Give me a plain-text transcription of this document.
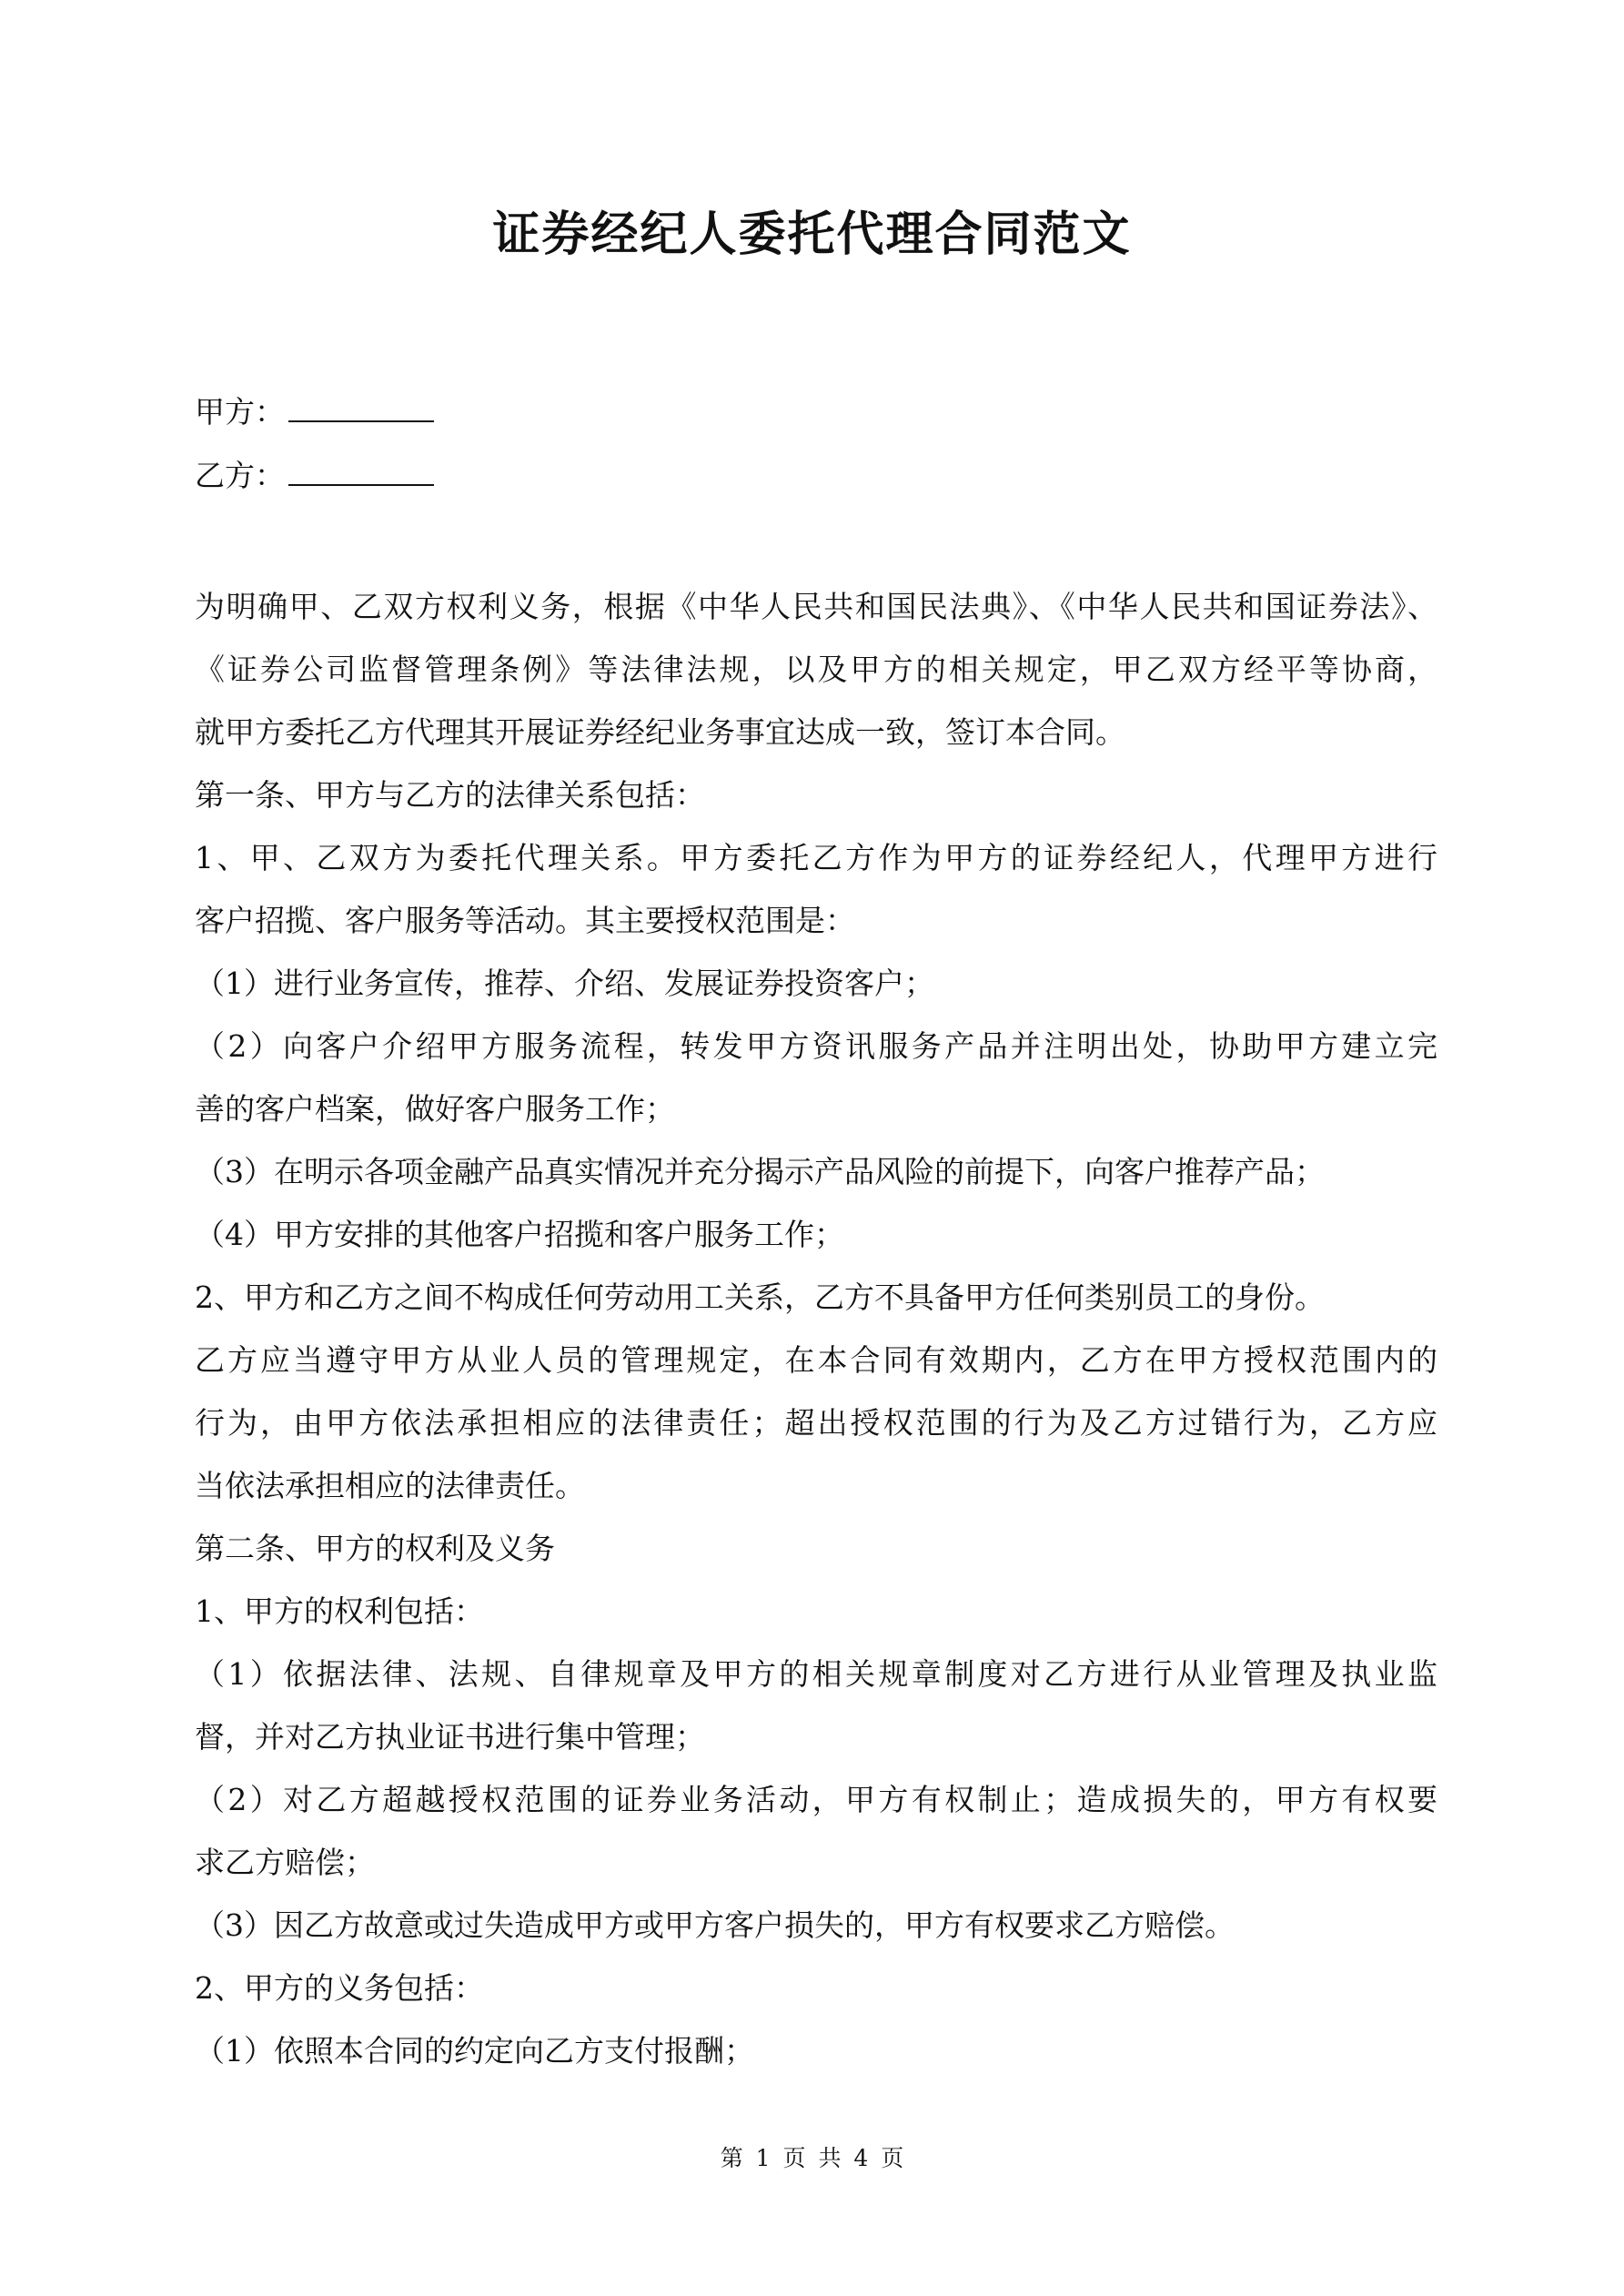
证券经纪人委托代理合同范文
甲方：
乙方：
为明确甲、乙双方权利义务，根据《中华人民共和国民法典》、《中华人民共和国证券法》、
《证券公司监督管理条例》等法律法规，以及甲方的相关规定，甲乙双方经平等协商，
就甲方委托乙方代理其开展证券经纪业务事宜达成一致，签订本合同。
第一条、甲方与乙方的法律关系包括：
1、甲、乙双方为委托代理关系。甲方委托乙方作为甲方的证券经纪人，代理甲方进行
客户招揽、客户服务等活动。其主要授权范围是：
（1）进行业务宣传，推荐、介绍、发展证券投资客户；
（2）向客户介绍甲方服务流程，转发甲方资讯服务产品并注明出处，协助甲方建立完
善的客户档案，做好客户服务工作；
（3）在明示各项金融产品真实情况并充分揭示产品风险的前提下，向客户推荐产品；
（4）甲方安排的其他客户招揽和客户服务工作；
2、甲方和乙方之间不构成任何劳动用工关系，乙方不具备甲方任何类别员工的身份。
乙方应当遵守甲方从业人员的管理规定，在本合同有效期内，乙方在甲方授权范围内的
行为，由甲方依法承担相应的法律责任；超出授权范围的行为及乙方过错行为，乙方应
当依法承担相应的法律责任。
第二条、甲方的权利及义务
1、甲方的权利包括：
（1）依据法律、法规、自律规章及甲方的相关规章制度对乙方进行从业管理及执业监
督，并对乙方执业证书进行集中管理；
（2）对乙方超越授权范围的证券业务活动，甲方有权制止；造成损失的，甲方有权要
求乙方赔偿；
（3）因乙方故意或过失造成甲方或甲方客户损失的，甲方有权要求乙方赔偿。
2、甲方的义务包括：
（1）依照本合同的约定向乙方支付报酬；
第 1 页 共 4 页
